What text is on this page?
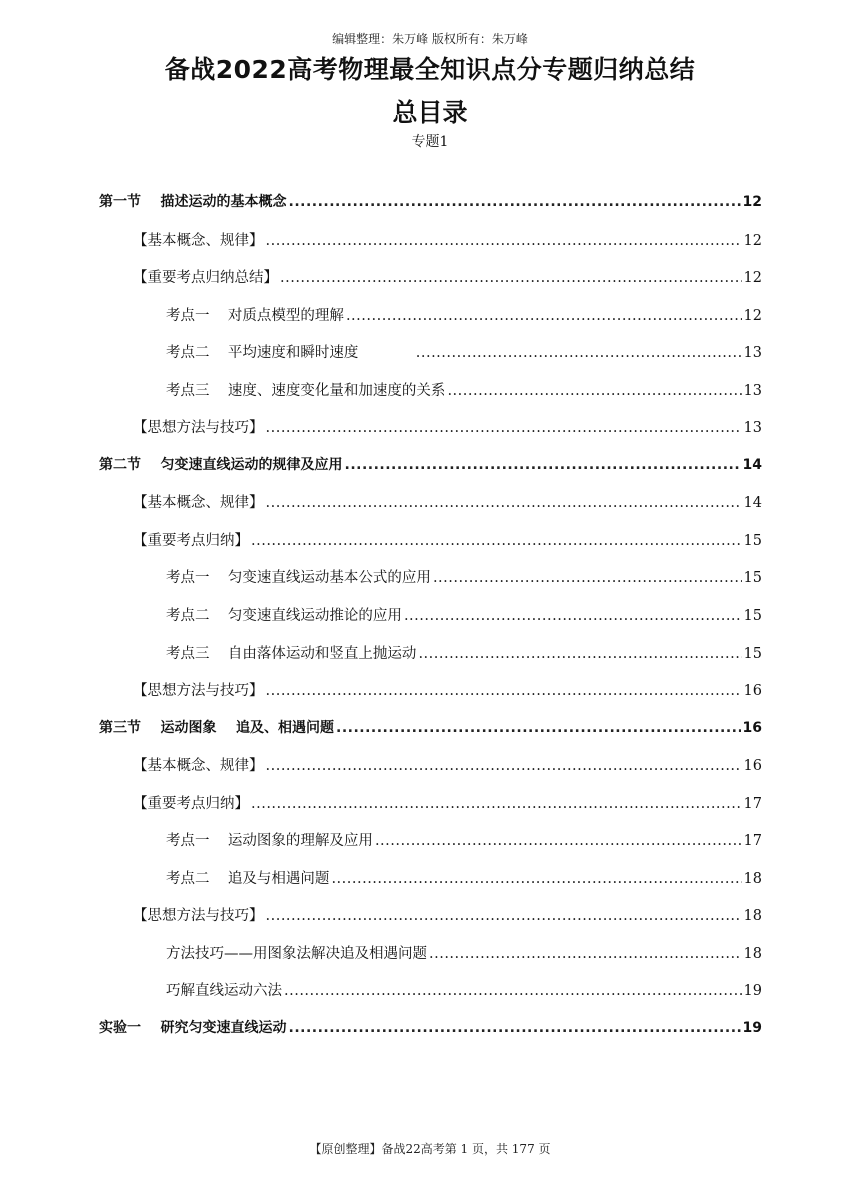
编辑整理：朱万峰 版权所有：朱万峰
备战2022高考物理最全知识点分专题归纳总结
总目录
专题1
第一节    描述运动的基本概念 .....	12
【基本概念、规律】 .....	12
【重要考点归纳总结】 .....	12
考点一    对质点模型的理解 .....	12
考点二    平均速度和瞬时速度 .....	13
考点三    速度、速度变化量和加速度的关系 .....	13
【思想方法与技巧】 .....	13
第二节    匀变速直线运动的规律及应用 .....	14
【基本概念、规律】 .....	14
【重要考点归纳】 .....	15
考点一    匀变速直线运动基本公式的应用 .....	15
考点二    匀变速直线运动推论的应用 .....	15
考点三    自由落体运动和竖直上抛运动 .....	15
【思想方法与技巧】 .....	16
第三节    运动图象    追及、相遇问题 .....	16
【基本概念、规律】 .....	16
【重要考点归纳】 .....	17
考点一    运动图象的理解及应用 .....	17
考点二    追及与相遇问题 .....	18
【思想方法与技巧】 .....	18
方法技巧——用图象法解决追及相遇问题 .....	18
巧解直线运动六法 .....	19
实验一    研究匀变速直线运动 .....	19
【原创整理】备战22高考第 1 页，共 177 页
